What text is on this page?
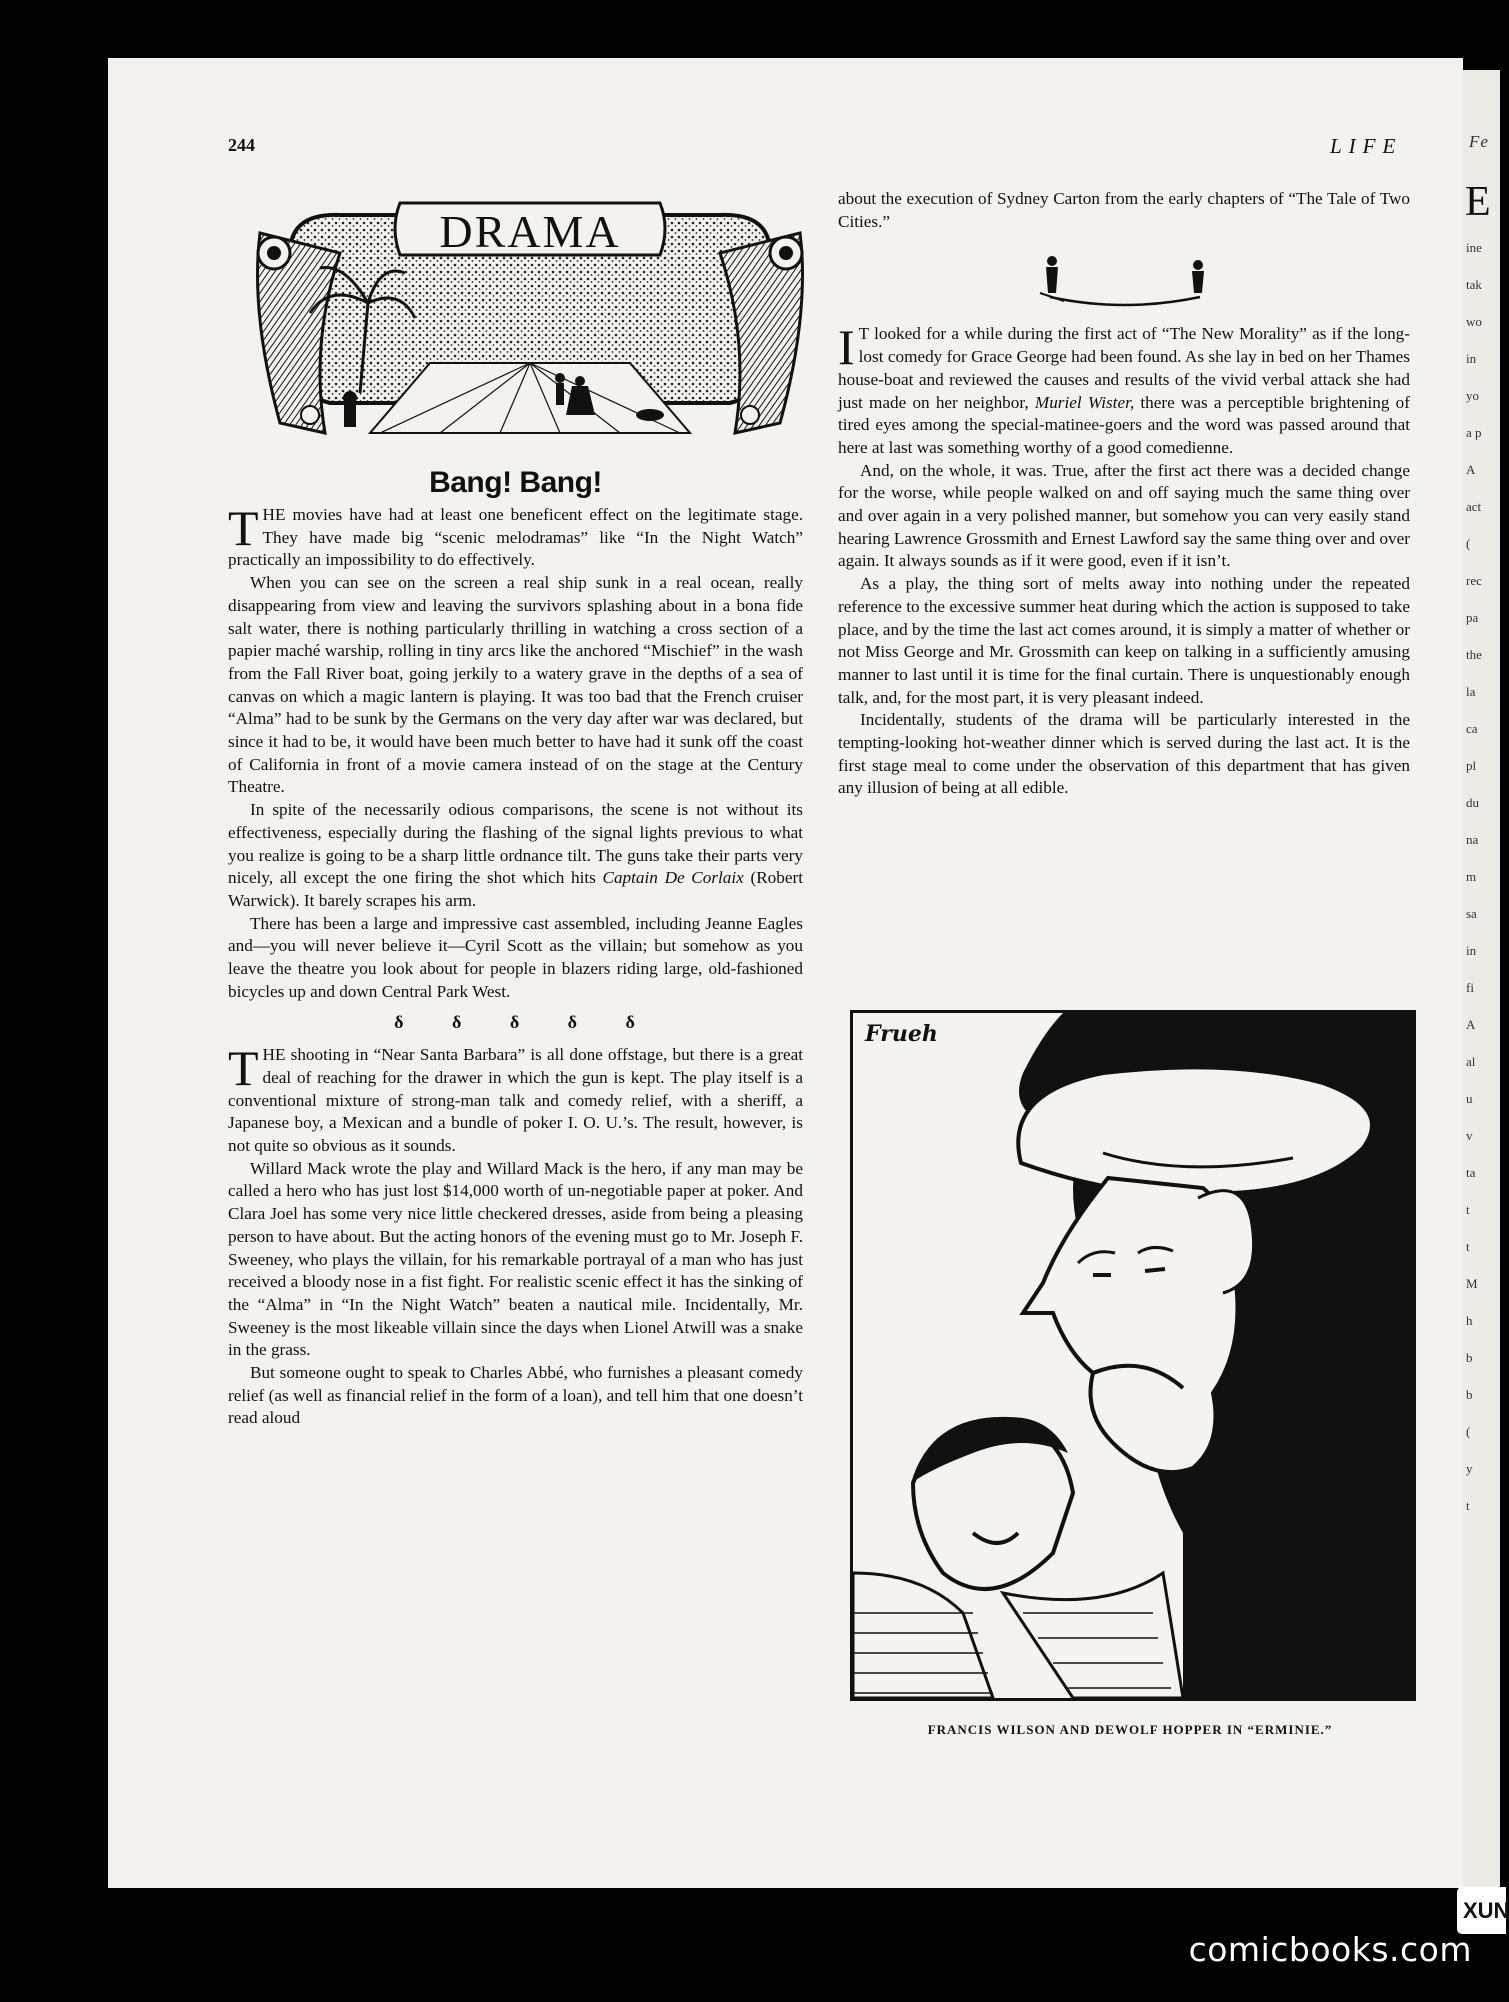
Fe
E
ine
tak
wo
in
yo
a p
A
act
(
rec
pa
the
la
ca
pl
du
na
m
sa
in
fi
A
al
u
v
ta
t
t
M
h
b
b
(
y
t
244	LIFE
DRAMA
Bang! Bang!

THE movies have had at least one beneficent effect on the legitimate stage. They have made big “scenic melodramas” like “In the Night Watch” practically an impossibility to do effectively.

When you can see on the screen a real ship sunk in a real ocean, really disappearing from view and leaving the survivors splashing about in a bona fide salt water, there is nothing particularly thrilling in watching a cross section of a papier maché warship, rolling in tiny arcs like the anchored “Mischief” in the wash from the Fall River boat, going jerkily to a watery grave in the depths of a sea of canvas on which a magic lantern is playing. It was too bad that the French cruiser “Alma” had to be sunk by the Germans on the very day after war was declared, but since it had to be, it would have been much better to have had it sunk off the coast of California in front of a movie camera instead of on the stage at the Century Theatre.

In spite of the necessarily odious comparisons, the scene is not without its effectiveness, especially during the flashing of the signal lights previous to what you realize is going to be a sharp little ordnance tilt. The guns take their parts very nicely, all except the one firing the shot which hits Captain De Corlaix (Robert Warwick). It barely scrapes his arm.

There has been a large and impressive cast assembled, including Jeanne Eagles and—you will never believe it—Cyril Scott as the villain; but somehow as you leave the theatre you look about for people in blazers riding large, old-fashioned bicycles up and down Central Park West.

δ δ δ δ δ

THE shooting in “Near Santa Barbara” is all done offstage, but there is a great deal of reaching for the drawer in which the gun is kept. The play itself is a conventional mixture of strong-man talk and comedy relief, with a sheriff, a Japanese boy, a Mexican and a bundle of poker I. O. U.’s. The result, however, is not quite so obvious as it sounds.

Willard Mack wrote the play and Willard Mack is the hero, if any man may be called a hero who has just lost $14,000 worth of un-negotiable paper at poker. And Clara Joel has some very nice little checkered dresses, aside from being a pleasing person to have about. But the acting honors of the evening must go to Mr. Joseph F. Sweeney, who plays the villain, for his remarkable portrayal of a man who has just received a bloody nose in a fist fight. For realistic scenic effect it has the sinking of the “Alma” in “In the Night Watch” beaten a nautical mile. Incidentally, Mr. Sweeney is the most likeable villain since the days when Lionel Atwill was a snake in the grass.

But someone ought to speak to Charles Abbé, who furnishes a pleasant comedy relief (as well as financial relief in the form of a loan), and tell him that one doesn’t read aloud

about the execution of Sydney Carton from the early chapters of “The Tale of Two Cities.”

I T looked for a while during the first act of “The New Morality” as if the long-lost comedy for Grace George had been found. As she lay in bed on her Thames house-boat and reviewed the causes and results of the vivid verbal attack she had just made on her neighbor, Muriel Wister, there was a perceptible brightening of tired eyes among the special-matinee-goers and the word was passed around that here at last was something worthy of a good comedienne.

And, on the whole, it was. True, after the first act there was a decided change for the worse, while people walked on and off saying much the same thing over and over again in a very polished manner, but somehow you can very easily stand hearing Lawrence Grossmith and Ernest Lawford say the same thing over and over again. It always sounds as if it were good, even if it isn’t.

As a play, the thing sort of melts away into nothing under the repeated reference to the excessive summer heat during which the action is supposed to take place, and by the time the last act comes around, it is simply a matter of whether or not Miss George and Mr. Grossmith can keep on talking in a sufficiently amusing manner to last until it is time for the final curtain. There is unquestionably enough talk, and, for the most part, it is very pleasant indeed.

Incidentally, students of the drama will be particularly interested in the tempting-looking hot-weather dinner which is served during the last act. It is the first stage meal to come under the observation of this department that has given any illusion of being at all edible.

Frueh
FRANCIS WILSON AND DEWOLF HOPPER IN “ERMINIE.”
XUN
comicbooks.com
